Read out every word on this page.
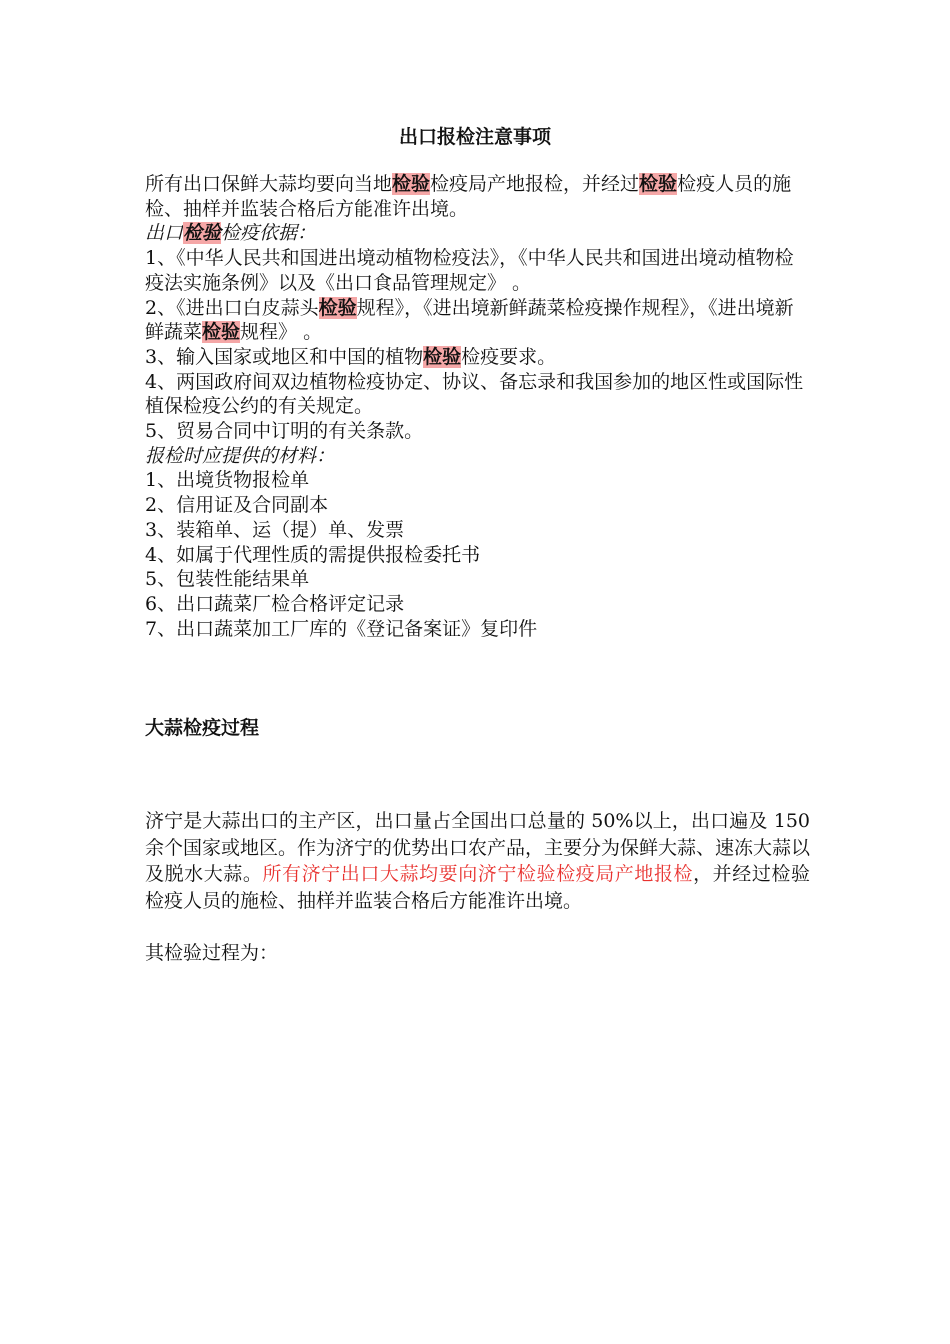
出口报检注意事项

所有出口保鲜大蒜均要向当地检验检疫局产地报检，并经过检验检疫人员的施检、抽样并监装合格后方能准许出境。

出口检验检疫依据：

1、《中华人民共和国进出境动植物检疫法》，《中华人民共和国进出境动植物检疫法实施条例》以及《出口食品管理规定》 。

2、《进出口白皮蒜头检验规程》，《进出境新鲜蔬菜检疫操作规程》，《进出境新鲜蔬菜检验规程》 。

3、输入国家或地区和中国的植物检验检疫要求。

4、两国政府间双边植物检疫协定、协议、备忘录和我国参加的地区性或国际性植保检疫公约的有关规定。

5、贸易合同中订明的有关条款。

报检时应提供的材料：

1、出境货物报检单

2、信用证及合同副本

3、装箱单、运（提）单、发票

4、如属于代理性质的需提供报检委托书

5、包装性能结果单

6、出口蔬菜厂检合格评定记录

7、出口蔬菜加工厂库的《登记备案证》复印件

大蒜检疫过程

济宁是大蒜出口的主产区，出口量占全国出口总量的 50%以上，出口遍及 150 余个国家或地区。作为济宁的优势出口农产品，主要分为保鲜大蒜、速冻大蒜以及脱水大蒜。所有济宁出口大蒜均要向济宁检验检疫局产地报检，并经过检验检疫人员的施检、抽样并监装合格后方能准许出境。

其检验过程为：
